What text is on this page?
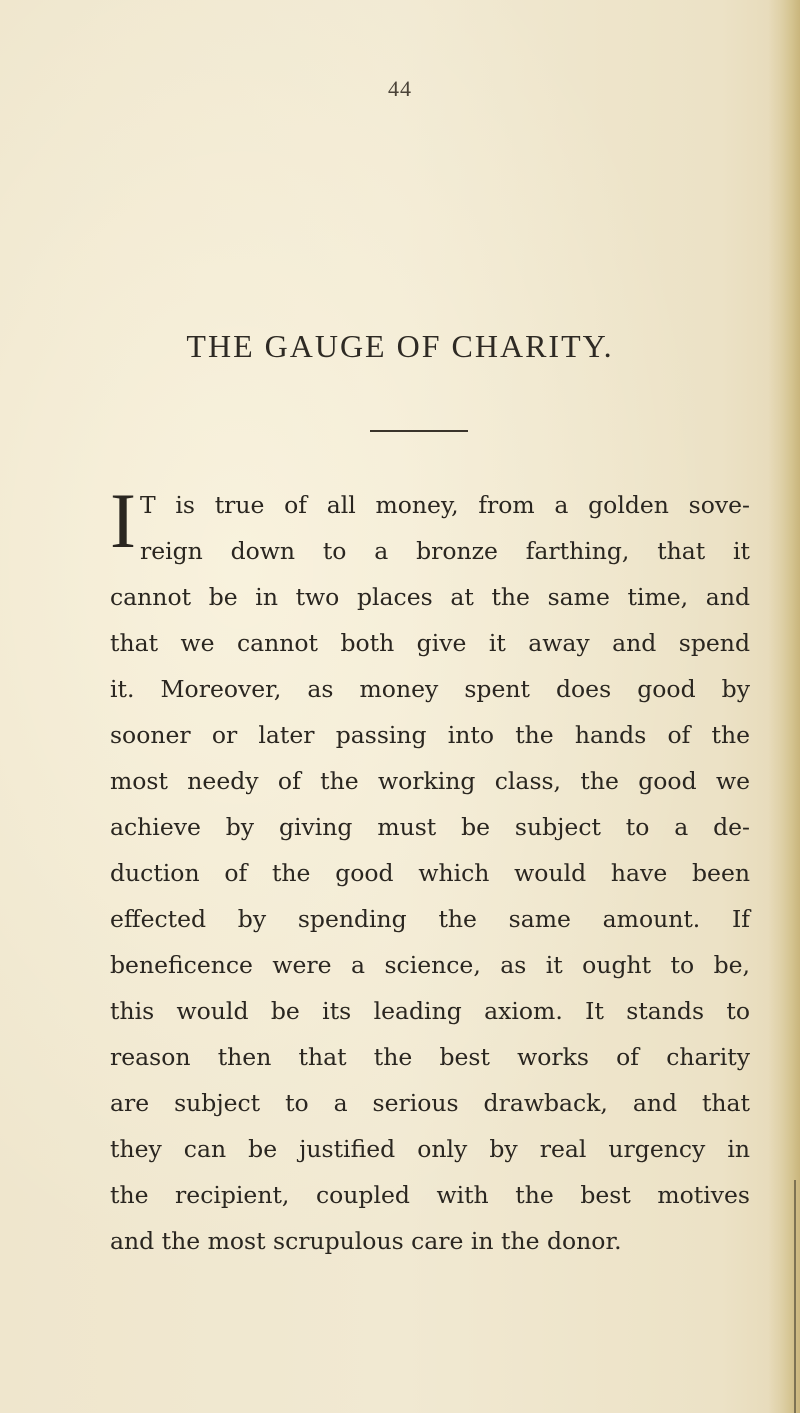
44
THE GAUGE OF CHARITY.
I T is true of all money, from a golden sove-
reign down to a bronze farthing, that it
cannot be in two places at the same time, and
that we cannot both give it away and spend
it. Moreover, as money spent does good by
sooner or later passing into the hands of the
most needy of the working class, the good we
achieve by giving must be subject to a de-
duction of the good which would have been
effected by spending the same amount. If
beneficence were a science, as it ought to be,
this would be its leading axiom. It stands to
reason then that the best works of charity
are subject to a serious drawback, and that
they can be justified only by real urgency in
the recipient, coupled with the best motives
and the most scrupulous care in the donor.
